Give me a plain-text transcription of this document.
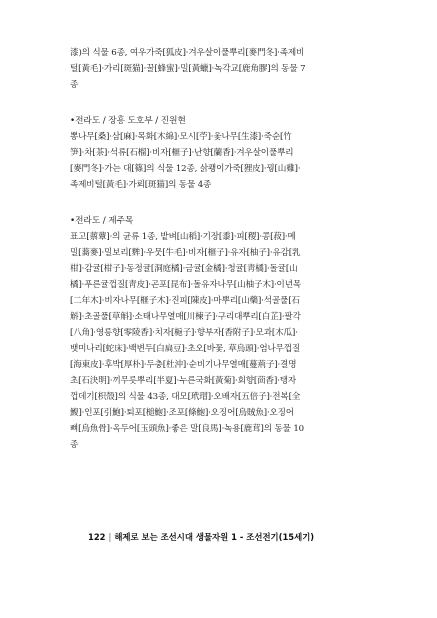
漆)의 식물 6종, 여우가죽[狐皮]·겨우살이풀뿌리[麥門冬]·족제비
털[黃毛]·가리[斑猫]·꿀[蜂蜜]·밀[黃蠟]·녹각교[鹿角膠]의 동물 7
종
•전라도 / 장흥 도호부 / 진원현
뽕나무[桑]·삼[麻]·목화[木綿]·모시[苧]·옻나무[生漆]·죽순[竹
笋]·차[茶]·석류[石榴]·비자[榧子]·난향[蘭香]·겨우살이풀뿌리
[麥門冬]·가는 대[篠]의 식물 12종, 삵쾡이가죽[狸皮]·꿩[山雞]·
족제비털[黃毛]·가뢰[斑猫]의 동물 4종
•전라도 / 제주목
표고[蔈蕈]·의 균류 1종, 밭벼[山稻]·기장[黍]·피[稷]·콩[菽]·메
밀[蕎麥]·밀보리[麰]·우뭇[牛毛]·비자[榧子]·유자[柚子]·유감[乳
柑]·감귤[柑子]·동정귤[洞庭橘]·금귤[金橘]·청귤[靑橘]·돌귤[山
橘]·푸른귤껍질[靑皮]·곤포[昆布]·돌유자나무[山柚子木]·이년목
[二年木]·비자나무[榧子木]·진피[陳皮]·마뿌리[山藥]·석골풀[石
斛]·초골풀[草斛]·소태나무열매[川楝子]·구리대뿌리[白芷]·팔각
[八角]·영릉향[零陵香]·치자[梔子]·향부자[香附子]·모과[木瓜]·
뱃미나리[蛇床]·백변두[白扁豆]·초오[바꽃, 草烏頭]·엄나무껍질
[海東皮]·후박[厚朴]·두충[杜沖]·순비기나무열매[蔓荊子]·결명
초[石決明]·끼무릇뿌리[半夏]·누른국화[黃菊]·회향[茴香]·탱자
껍데기[枳殼]의 식물 43종, 대모[玳瑁]·오배자[五倍子]·전복[全
鰒]·인포[引鮑]·퇴포[槌鮑]·조포[條鮑]·오징어[烏賊魚]·오징어
뼈[烏魚骨]·옥두어[玉頭魚]·좋은 말[良馬]·녹용[鹿茸]의 동물 10
종
122 | 해제로 보는 조선시대 생물자원 1 - 조선전기(15세기)
